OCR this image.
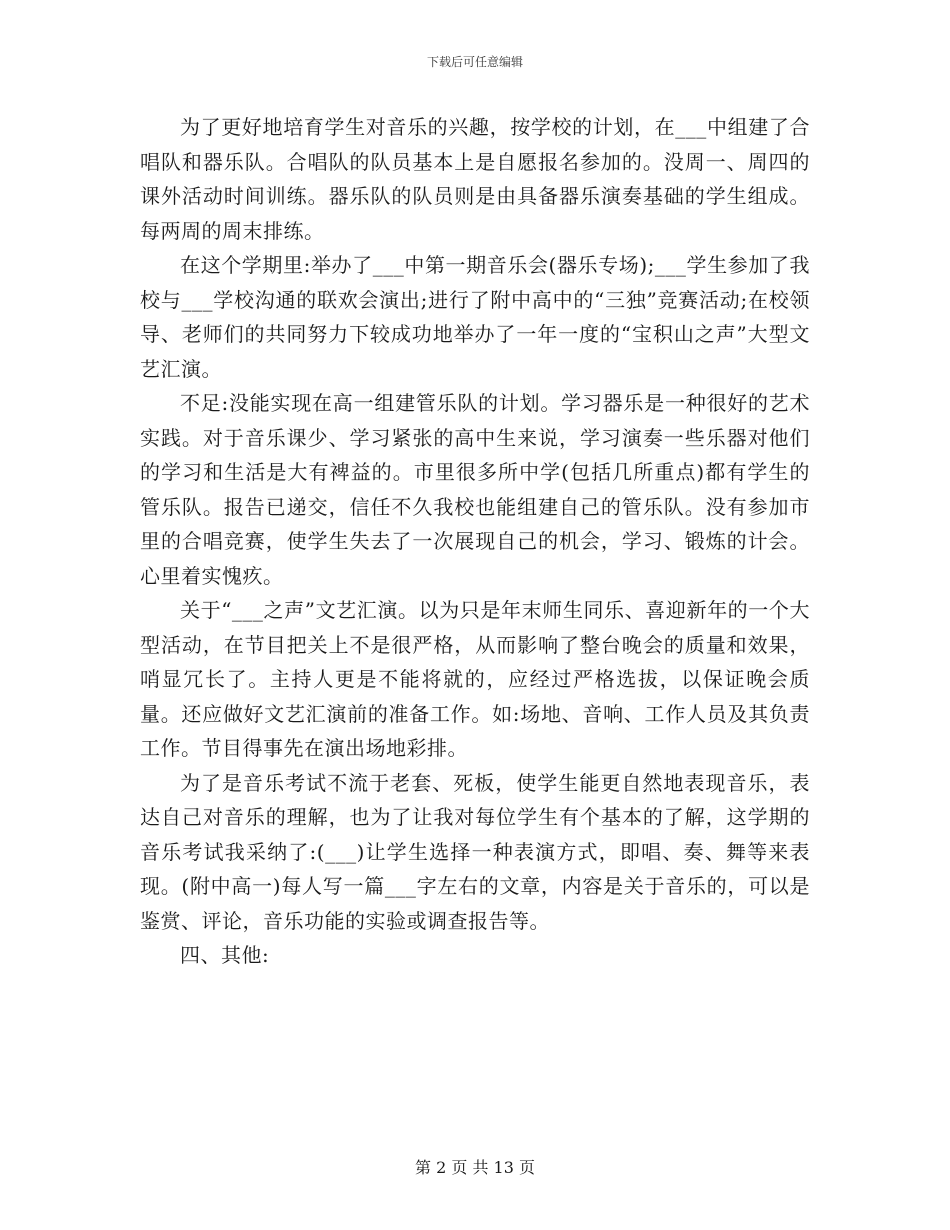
下载后可任意编辑

为了更好地培育学生对音乐的兴趣，按学校的计划，在___中组建了合唱队和器乐队。合唱队的队员基本上是自愿报名参加的。没周一、周四的课外活动时间训练。器乐队的队员则是由具备器乐演奏基础的学生组成。每两周的周末排练。

在这个学期里:举办了___中第一期音乐会(器乐专场);___学生参加了我校与___学校沟通的联欢会演出;进行了附中高中的“三独”竞赛活动;在校领导、老师们的共同努力下较成功地举办了一年一度的“宝积山之声”大型文艺汇演。

不足:没能实现在高一组建管乐队的计划。学习器乐是一种很好的艺术实践。对于音乐课少、学习紧张的高中生来说，学习演奏一些乐器对他们的学习和生活是大有裨益的。市里很多所中学(包括几所重点)都有学生的管乐队。报告已递交，信任不久我校也能组建自己的管乐队。没有参加市里的合唱竞赛，使学生失去了一次展现自己的机会，学习、锻炼的计会。心里着实愧疚。

关于“___之声”文艺汇演。以为只是年末师生同乐、喜迎新年的一个大型活动，在节目把关上不是很严格，从而影响了整台晚会的质量和效果，哨显冗长了。主持人更是不能将就的，应经过严格选拔，以保证晚会质量。还应做好文艺汇演前的准备工作。如:场地、音响、工作人员及其负责工作。节目得事先在演出场地彩排。

为了是音乐考试不流于老套、死板，使学生能更自然地表现音乐，表达自己对音乐的理解，也为了让我对每位学生有个基本的了解，这学期的音乐考试我采纳了:(___)让学生选择一种表演方式，即唱、奏、舞等来表现。(附中高一)每人写一篇___字左右的文章，内容是关于音乐的，可以是鉴赏、评论，音乐功能的实验或调查报告等。

四、其他:

第 2 页 共 13 页
